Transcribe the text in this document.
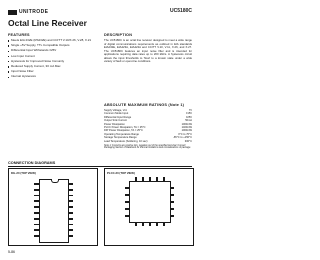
UNITRODE	UC5180C
Octal Line Receiver
FEATURES
Meets EIA 232E (RS232E) and CCITT V.10/X.26, V.28, X.21
Single +5V Supply, TTL Compatible Outputs
Differential Input Withstands ±25V
Low Input Current
Hysteresis for Improved Noise Immunity
Reduced Supply Current, 30 mA Max
Input Noise Filter
Internal Hysteresis
DESCRIPTION

The UC5180C is an octal line receiver designed to meet a wide range of digital communications requirements as outlined in EIA standards EIA232E, EIA423A, EIA422A and CCITT V.10, V.11, X.26, and X.27. The UC5180C features an input noise filter and is intended for applications requiring data rates up to 200 kbit/s. A hysteresis circuit allows the input thresholds to 'float' to a known state under a wide variety of fault or open-line conditions.

ABSOLUTE MAXIMUM RATINGS (Note 1)
Supply Voltage, Vcc	7V
Common Mode Input	±15V
Differential Input Range	±25V
Output Sink Current	50mA
Power Dissipation	1000mW
PLCC Power Dissipation, TA = 25°C	1400mW
DIP Power Dissipation, TA = 25°C	1000mW
Operating Temperature Range	0°C to 70°C
Storage Temperature Range	-65°C to +150°C
Lead Temperature (Soldering, 10 sec)	300°C
Note 1: Currents are positive into, negative out of the specified terminal. Consult Packaging Section of Databook for thermal limitations and considerations of package.
CONNECTION DIAGRAMS
DIL-20 (TOP VIEW)	PLCC-20 (TOP VIEW)
5-86
